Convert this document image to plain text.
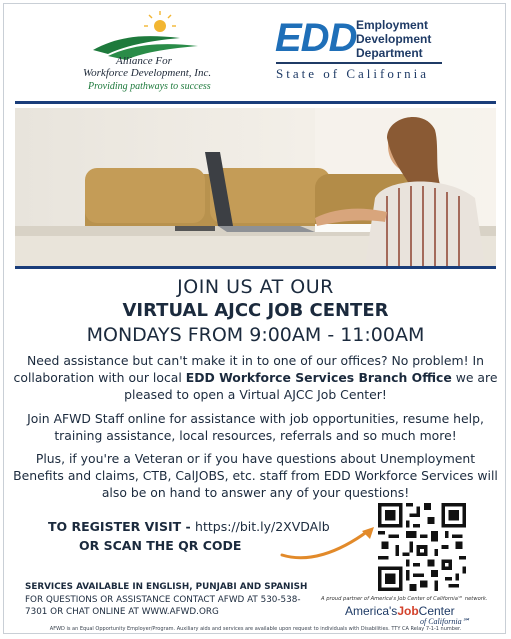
Alliance For
Workforce Development, Inc.
Providing pathways to success
EDD Employment
Development
Department
State of California
JOIN US AT OUR
VIRTUAL AJCC JOB CENTER
MONDAYS FROM 9:00AM - 11:00AM
Need assistance but can't make it in to one of our offices? No problem! In collaboration with our local EDD Workforce Services Branch Office we are pleased to open a Virtual AJCC Job Center!
Join AFWD Staff online for assistance with job opportunities, resume help, training assistance, local resources, referrals and so much more!
Plus, if you're a Veteran or if you have questions about Unemployment Benefits and claims, CTB, CalJOBS, etc. staff from EDD Workforce Services will also be on hand to answer any of your questions!
TO REGISTER VISIT - https://bit.ly/2XVDAlb
OR SCAN THE QR CODE
SERVICES AVAILABLE IN ENGLISH, PUNJABI AND SPANISH
FOR QUESTIONS OR ASSISTANCE CONTACT AFWD AT 530-538-7301 OR CHAT ONLINE AT WWW.AFWD.ORG
A proud partner of America's Job Center of California℠ network.
America'sJobCenter
of California℠
AFWD is an Equal Opportunity Employer/Program. Auxiliary aids and services are available upon request to individuals with Disabilities. TTY CA Relay 7-1-1 number.
